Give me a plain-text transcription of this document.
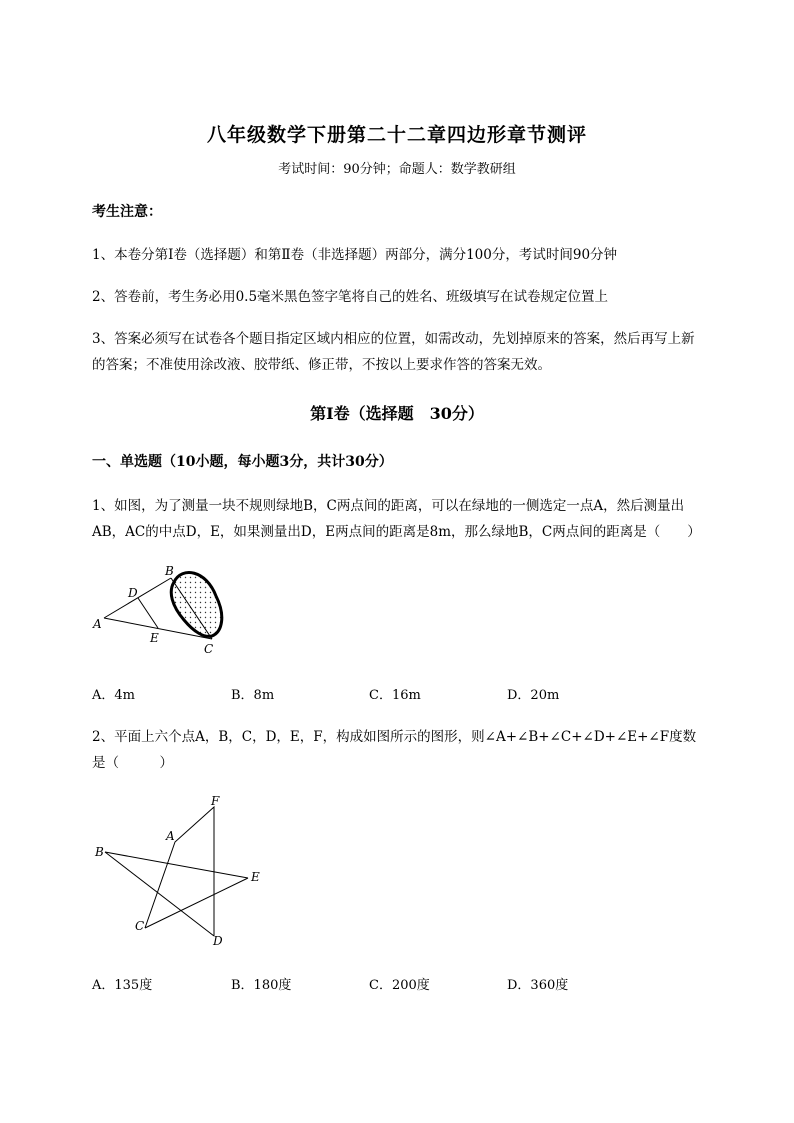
八年级数学下册第二十二章四边形章节测评
考试时间：90分钟；命题人：数学教研组
考生注意：
1、本卷分第I卷（选择题）和第Ⅱ卷（非选择题）两部分，满分100分，考试时间90分钟
2、答卷前，考生务必用0.5毫米黑色签字笔将自己的姓名、班级填写在试卷规定位置上
3、答案必须写在试卷各个题目指定区域内相应的位置，如需改动，先划掉原来的答案，然后再写上新
的答案；不准使用涂改液、胶带纸、修正带，不按以上要求作答的答案无效。
第I卷（选择题　30分）
一、单选题（10小题，每小题3分，共计30分）
1、如图，为了测量一块不规则绿地B，C两点间的距离，可以在绿地的一侧选定一点A，然后测量出
AB，AC的中点D，E，如果测量出D，E两点间的距离是8m，那么绿地B，C两点间的距离是（　　）
A
B
C
D
E
A．4m	B．8m	C．16m	D．20m
2、平面上六个点A，B，C，D，E，F，构成如图所示的图形，则∠A+∠B+∠C+∠D+∠E+∠F度数
是（　　　）
A
B
C
D
E
F
A．135度	B．180度	C．200度	D．360度
